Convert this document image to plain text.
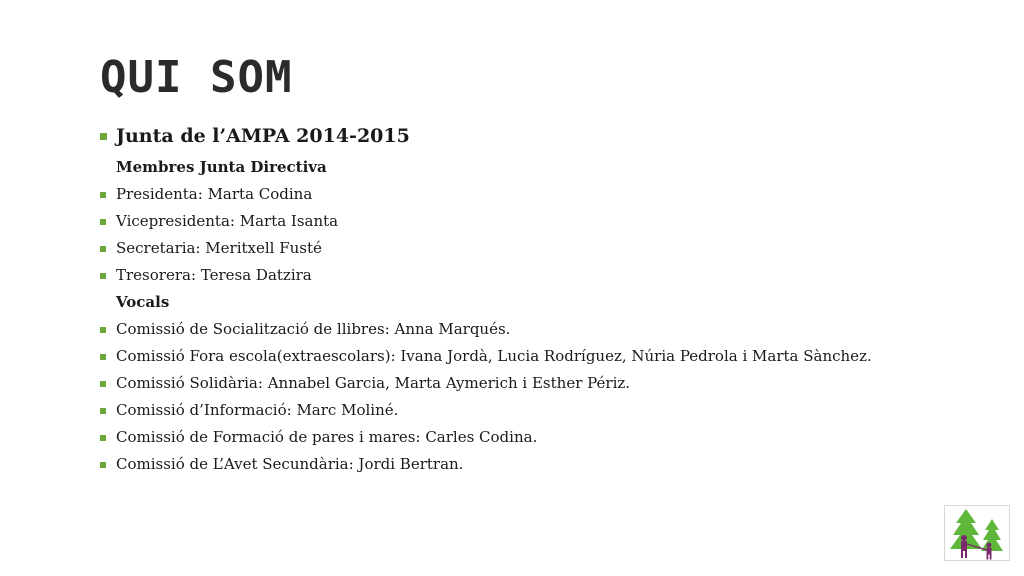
QUI SOM
Junta de l’AMPA 2014-2015
Membres Junta Directiva
Presidenta: Marta Codina
Vicepresidenta: Marta Isanta
Secretaria: Meritxell Fusté
Tresorera: Teresa Datzira
Vocals
Comissió de Socialització de llibres: Anna Marqués.
Comissió Fora escola(extraescolars): Ivana Jordà, Lucia Rodríguez, Núria Pedrola i Marta Sànchez.
Comissió Solidària: Annabel Garcia, Marta Aymerich i Esther Périz.
Comissió d’Informació: Marc Moliné.
Comissió de Formació de pares i mares: Carles Codina.
Comissió de L’Avet Secundària: Jordi Bertran.
